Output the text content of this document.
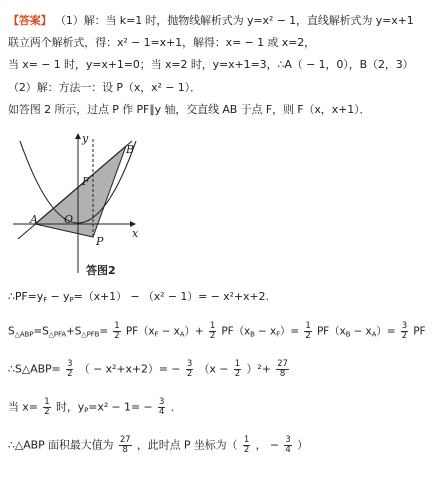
【答案】 （1）解：当 k=1 时，抛物线解析式为 y=x² − 1，直线解析式为 y=x+1
联立两个解析式，得：x² − 1=x+1，解得：x= − 1 或 x=2，
当 x= − 1 时，y=x+1=0；当 x=2 时，y=x+1=3，∴A（ − 1，0），B（2，3）
（2）解：方法一：设 P（x，x² − 1）．
如答图 2 所示，过点 P 作 PF∥y 轴，交直线 AB 于点 F，则 F（x，x+1）．
y
B
F
A O
x
P
答图2
$\therefore PF=y_F - y_P=(x+1) - (x^2 - 1)= - x^2+x+2$.
$S_{\triangle ABP}=S_{\triangle PFA}+S_{\triangle PFB}= \frac{1}{2} PF(x_F - x_A)+ \frac{1}{2} PF(x_B - x_F)= \frac{1}{2} PF(x_B - x_A)= \frac{3}{2}$ PF
∴S△ABP= $\frac{3}{2}$ （ − $x^2+x+2)= - \frac{3}{2} (x - \frac{1}{2} )^2+ \frac{27}{8}$
当 $x= \frac{1}{2}$ 时，$y_P=x^2 - 1= - \frac{3}{4}$ ．
∴△ABP 面积最大值为 $\frac{27}{8}$ ，此时点 P 坐标为（ $\frac{1}{2}$ ， − $\frac{3}{4}$ ）
